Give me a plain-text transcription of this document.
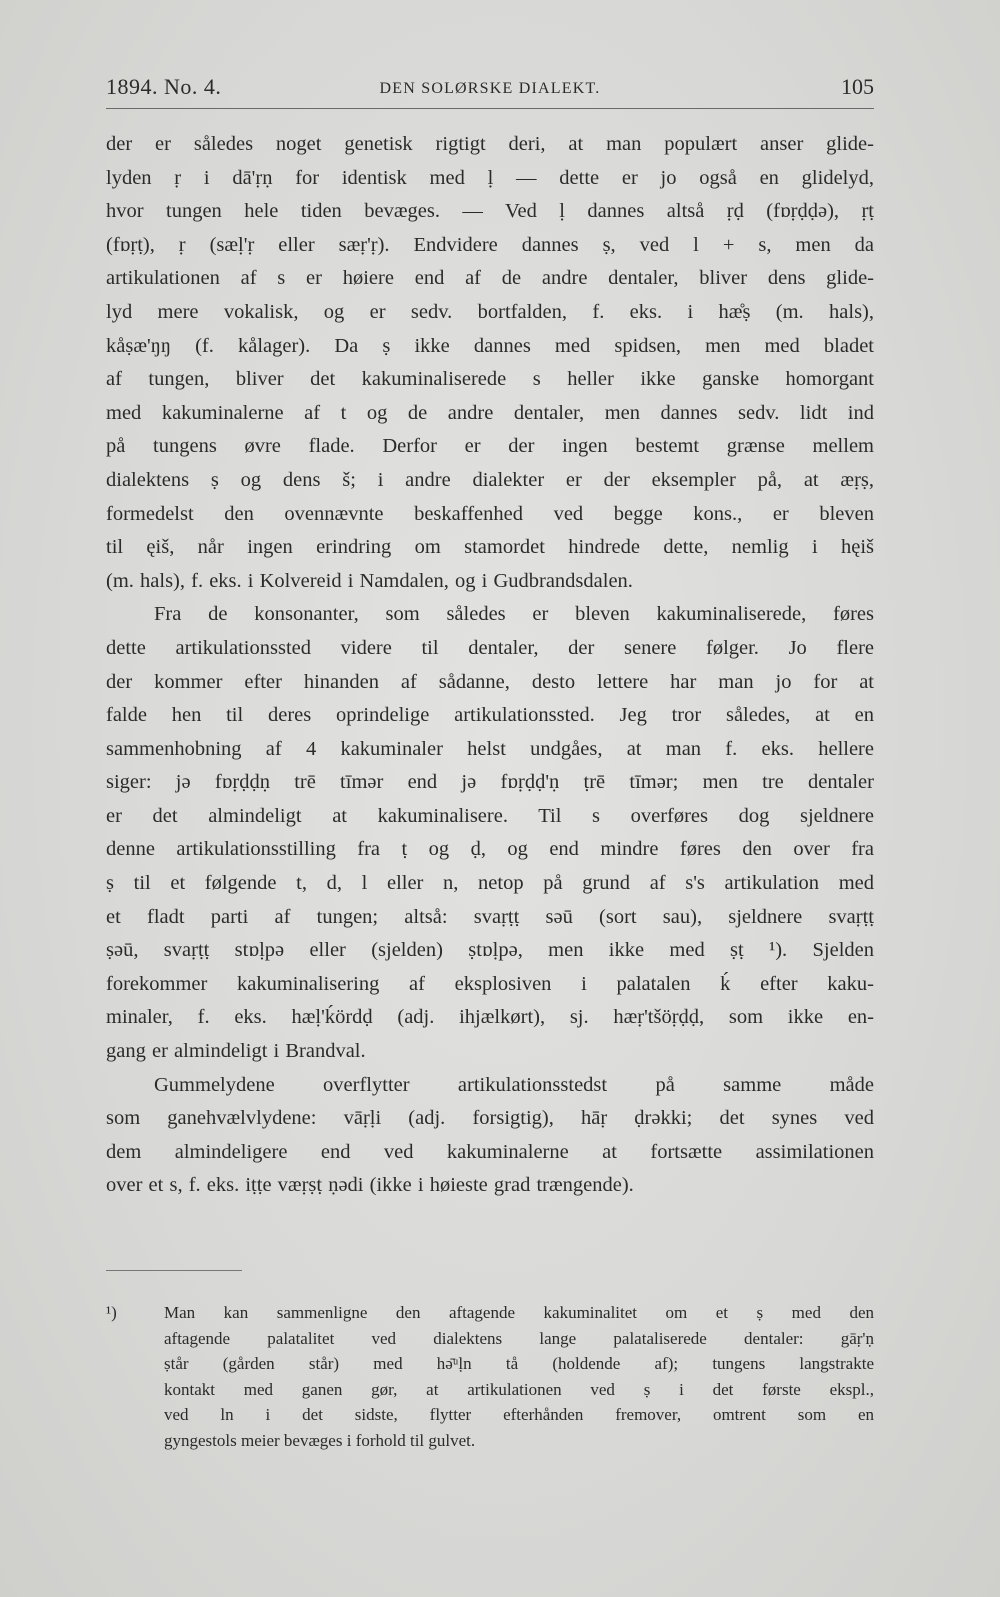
1894. No. 4.	DEN SOLØRSKE DIALEKT.	105
der er således noget genetisk rigtigt deri, at man populært anser glide-
lyden ṛ i dā'ṛṇ for identisk med ḷ — dette er jo også en glidelyd,
hvor tungen hele tiden bevæges. — Ved ḷ dannes altså ṛḍ (fɒṛḍḍə), ṛṭ
(fɒṛṭ), ṛ (sæḷ'ṛ eller sæṛ'ṛ). Endvidere dannes ṣ, ved l + s, men da
artikulationen af s er høiere end af de andre dentaler, bliver dens glide-
lyd mere vokalisk, og er sedv. bortfalden, f. eks. i hæ̊ṣ (m. hals),
kåṣæ'ŋŋ (f. kålager). Da ṣ ikke dannes med spidsen, men med bladet
af tungen, bliver det kakuminaliserede s heller ikke ganske homorgant
med kakuminalerne af t og de andre dentaler, men dannes sedv. lidt ind
på tungens øvre flade. Derfor er der ingen bestemt grænse mellem
dialektens ṣ og dens š; i andre dialekter er der eksempler på, at æṛṣ,
formedelst den ovennævnte beskaffenhed ved begge kons., er bleven
til ęiš, når ingen erindring om stamordet hindrede dette, nemlig i hęiš
(m. hals), f. eks. i Kolvereid i Namdalen, og i Gudbrandsdalen.
Fra de konsonanter, som således er bleven kakuminaliserede, føres
dette artikulationssted videre til dentaler, der senere følger. Jo flere
der kommer efter hinanden af sådanne, desto lettere har man jo for at
falde hen til deres oprindelige artikulationssted. Jeg tror således, at en
sammenhobning af 4 kakuminaler helst undgåes, at man f. eks. hellere
siger: jə fɒṛḍḍṇ trē tīmər end jə fɒṛḍḍ'ṇ ṭrē tīmər; men tre dentaler
er det almindeligt at kakuminalisere. Til s overføres dog sjeldnere
denne artikulationsstilling fra ṭ og ḍ, og end mindre føres den over fra
ṣ til et følgende t, d, l eller n, netop på grund af s's artikulation med
et fladt parti af tungen; altså: svaṛṭṭ səū (sort sau), sjeldnere svaṛṭṭ
ṣəū, svaṛṭṭ stɒḷpə eller (sjelden) ṣtɒḷpə, men ikke med ṣṭ ¹). Sjelden
forekommer kakuminalisering af eksplosiven i palatalen ḱ efter kaku-
minaler, f. eks. hæḷ'ḱördḍ (adj. ihjælkørt), sj. hæṛ'tšöṛḍḍ, som ikke en-
gang er almindeligt i Brandval.
Gummelydene overflytter artikulationsstedst på samme måde
som ganehvælvlydene: vāṛḷi (adj. forsigtig), hāṛ ḍrəkki; det synes ved
dem almindeligere end ved kakuminalerne at fortsætte assimilationen
over et s, f. eks. iṭṭe væṛṣṭ ṇədi (ikke i høieste grad trængende).
¹)	Man kan sammenligne den aftagende kakuminalitet om et ṣ med den
aftagende palatalitet ved dialektens lange palataliserede dentaler: gāṛ'ṇ
ṣtår (gården står) med hə̄ᵘḷn tå (holdende af); tungens langstrakte
kontakt med ganen gør, at artikulationen ved ṣ i det første ekspl.,
ved ln i det sidste, flytter efterhånden fremover, omtrent som en
gyngestols meier bevæges i forhold til gulvet.
